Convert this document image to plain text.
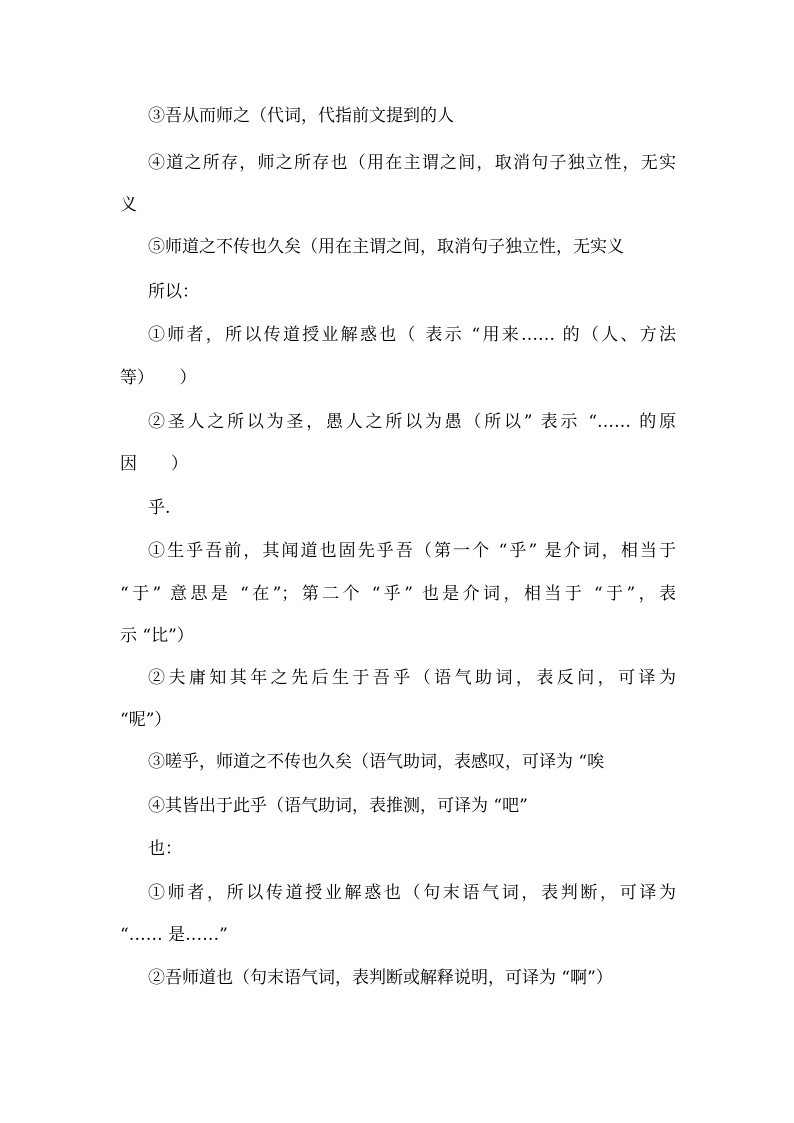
③吾从而师之（代词，代指前文提到的人
④道之所存，师之所存也（用在主谓之间，取消句子独立性，无实
义
⑤师道之不传也久矣（用在主谓之间，取消句子独立性，无实义
所以：
①师者，所以传道授业解惑也（ 表示 “用来…… 的（人、方法
等）　　）
②圣人之所以为圣，愚人之所以为愚（所以” 表示 “…… 的原
因　　）
乎.
①生乎吾前，其闻道也固先乎吾（第一个 “乎” 是介词，相当于
“于” 意思是 “在”；第二个 “乎” 也是介词，相当于 “于”，表
示 “比”）
②夫庸知其年之先后生于吾乎（语气助词，表反问，可译为
“呢”）
③嗟乎，师道之不传也久矣（语气助词，表感叹，可译为 “唉
④其皆出于此乎（语气助词，表推测，可译为 “吧”
也：
①师者，所以传道授业解惑也（句末语气词，表判断，可译为
“…… 是……”
②吾师道也（句末语气词，表判断或解释说明，可译为 “啊”）
